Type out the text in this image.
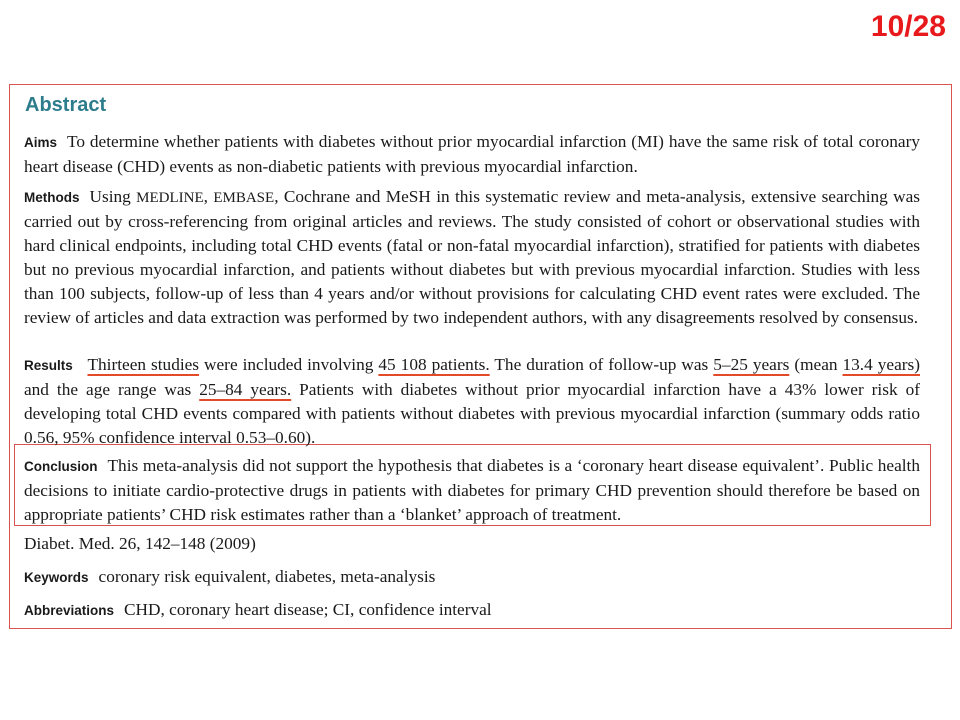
10/28
Abstract
Aims To determine whether patients with diabetes without prior myocardial infarction (MI) have the same risk of total coronary heart disease (CHD) events as non-diabetic patients with previous myocardial infarction.
Methods Using MEDLINE, EMBASE, Cochrane and MeSH in this systematic review and meta-analysis, extensive searching was carried out by cross-referencing from original articles and reviews. The study consisted of cohort or observational studies with hard clinical endpoints, including total CHD events (fatal or non-fatal myocardial infarction), stratified for patients with diabetes but no previous myocardial infarction, and patients without diabetes but with previous myocardial infarction. Studies with less than 100 subjects, follow-up of less than 4 years and/or without provisions for calculating CHD event rates were excluded. The review of articles and data extraction was performed by two independent authors, with any disagreements resolved by consensus.
Results Thirteen studies were included involving 45 108 patients. The duration of follow-up was 5–25 years (mean 13.4 years) and the age range was 25–84 years. Patients with diabetes without prior myocardial infarction have a 43% lower risk of developing total CHD events compared with patients without diabetes with previous myocardial infarction (summary odds ratio 0.56, 95% confidence interval 0.53–0.60).
Conclusion This meta-analysis did not support the hypothesis that diabetes is a ‘coronary heart disease equivalent’. Public health decisions to initiate cardio-protective drugs in patients with diabetes for primary CHD prevention should therefore be based on appropriate patients’ CHD risk estimates rather than a ‘blanket’ approach of treatment.
Diabet. Med. 26, 142–148 (2009)
Keywords coronary risk equivalent, diabetes, meta-analysis
Abbreviations CHD, coronary heart disease; CI, confidence interval
